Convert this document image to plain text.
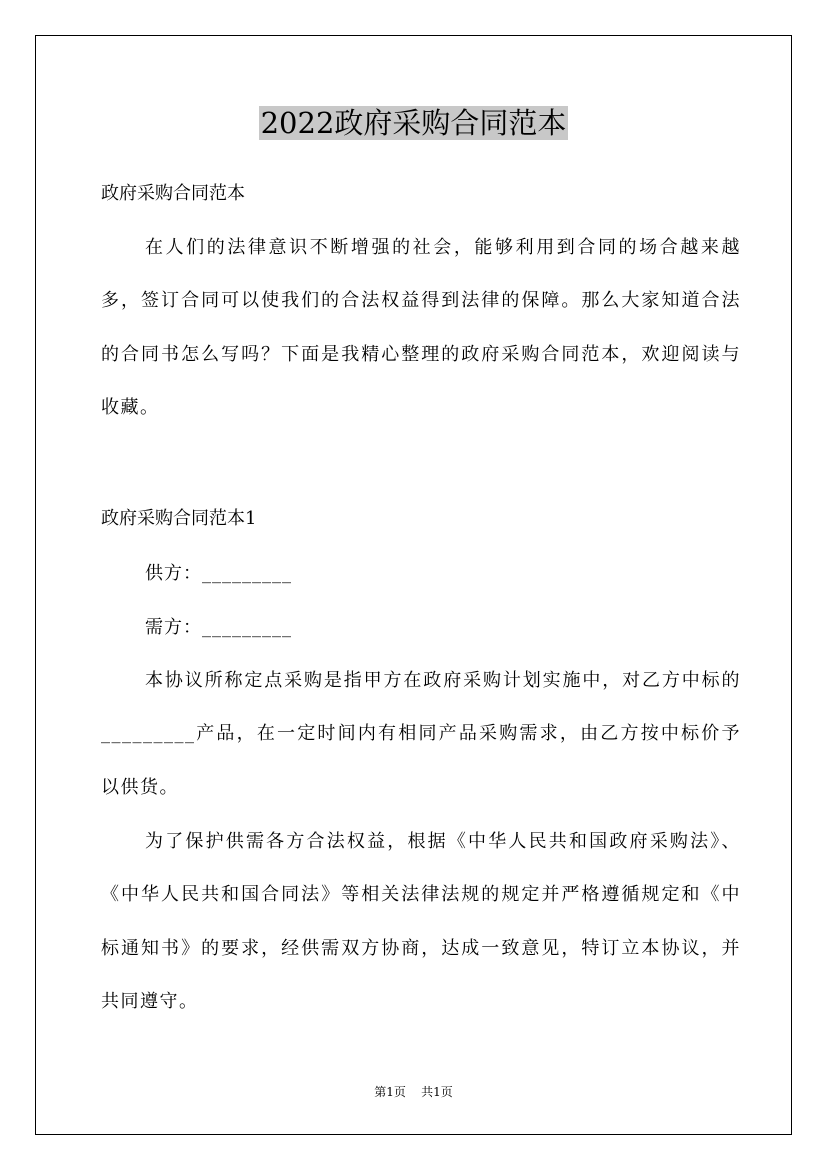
2022政府采购合同范本
政府采购合同范本
在人们的法律意识不断增强的社会，能够利用到合同的场合越来越多，签订合同可以使我们的合法权益得到法律的保障。那么大家知道合法的合同书怎么写吗？下面是我精心整理的政府采购合同范本，欢迎阅读与收藏。
政府采购合同范本1
供方：_________
需方：_________
本协议所称定点采购是指甲方在政府采购计划实施中，对乙方中标的_________产品，在一定时间内有相同产品采购需求，由乙方按中标价予以供货。
为了保护供需各方合法权益，根据《中华人民共和国政府采购法》、《中华人民共和国合同法》等相关法律法规的规定并严格遵循规定和《中标通知书》的要求，经供需双方协商，达成一致意见，特订立本协议，并共同遵守。
第1页 共1页
